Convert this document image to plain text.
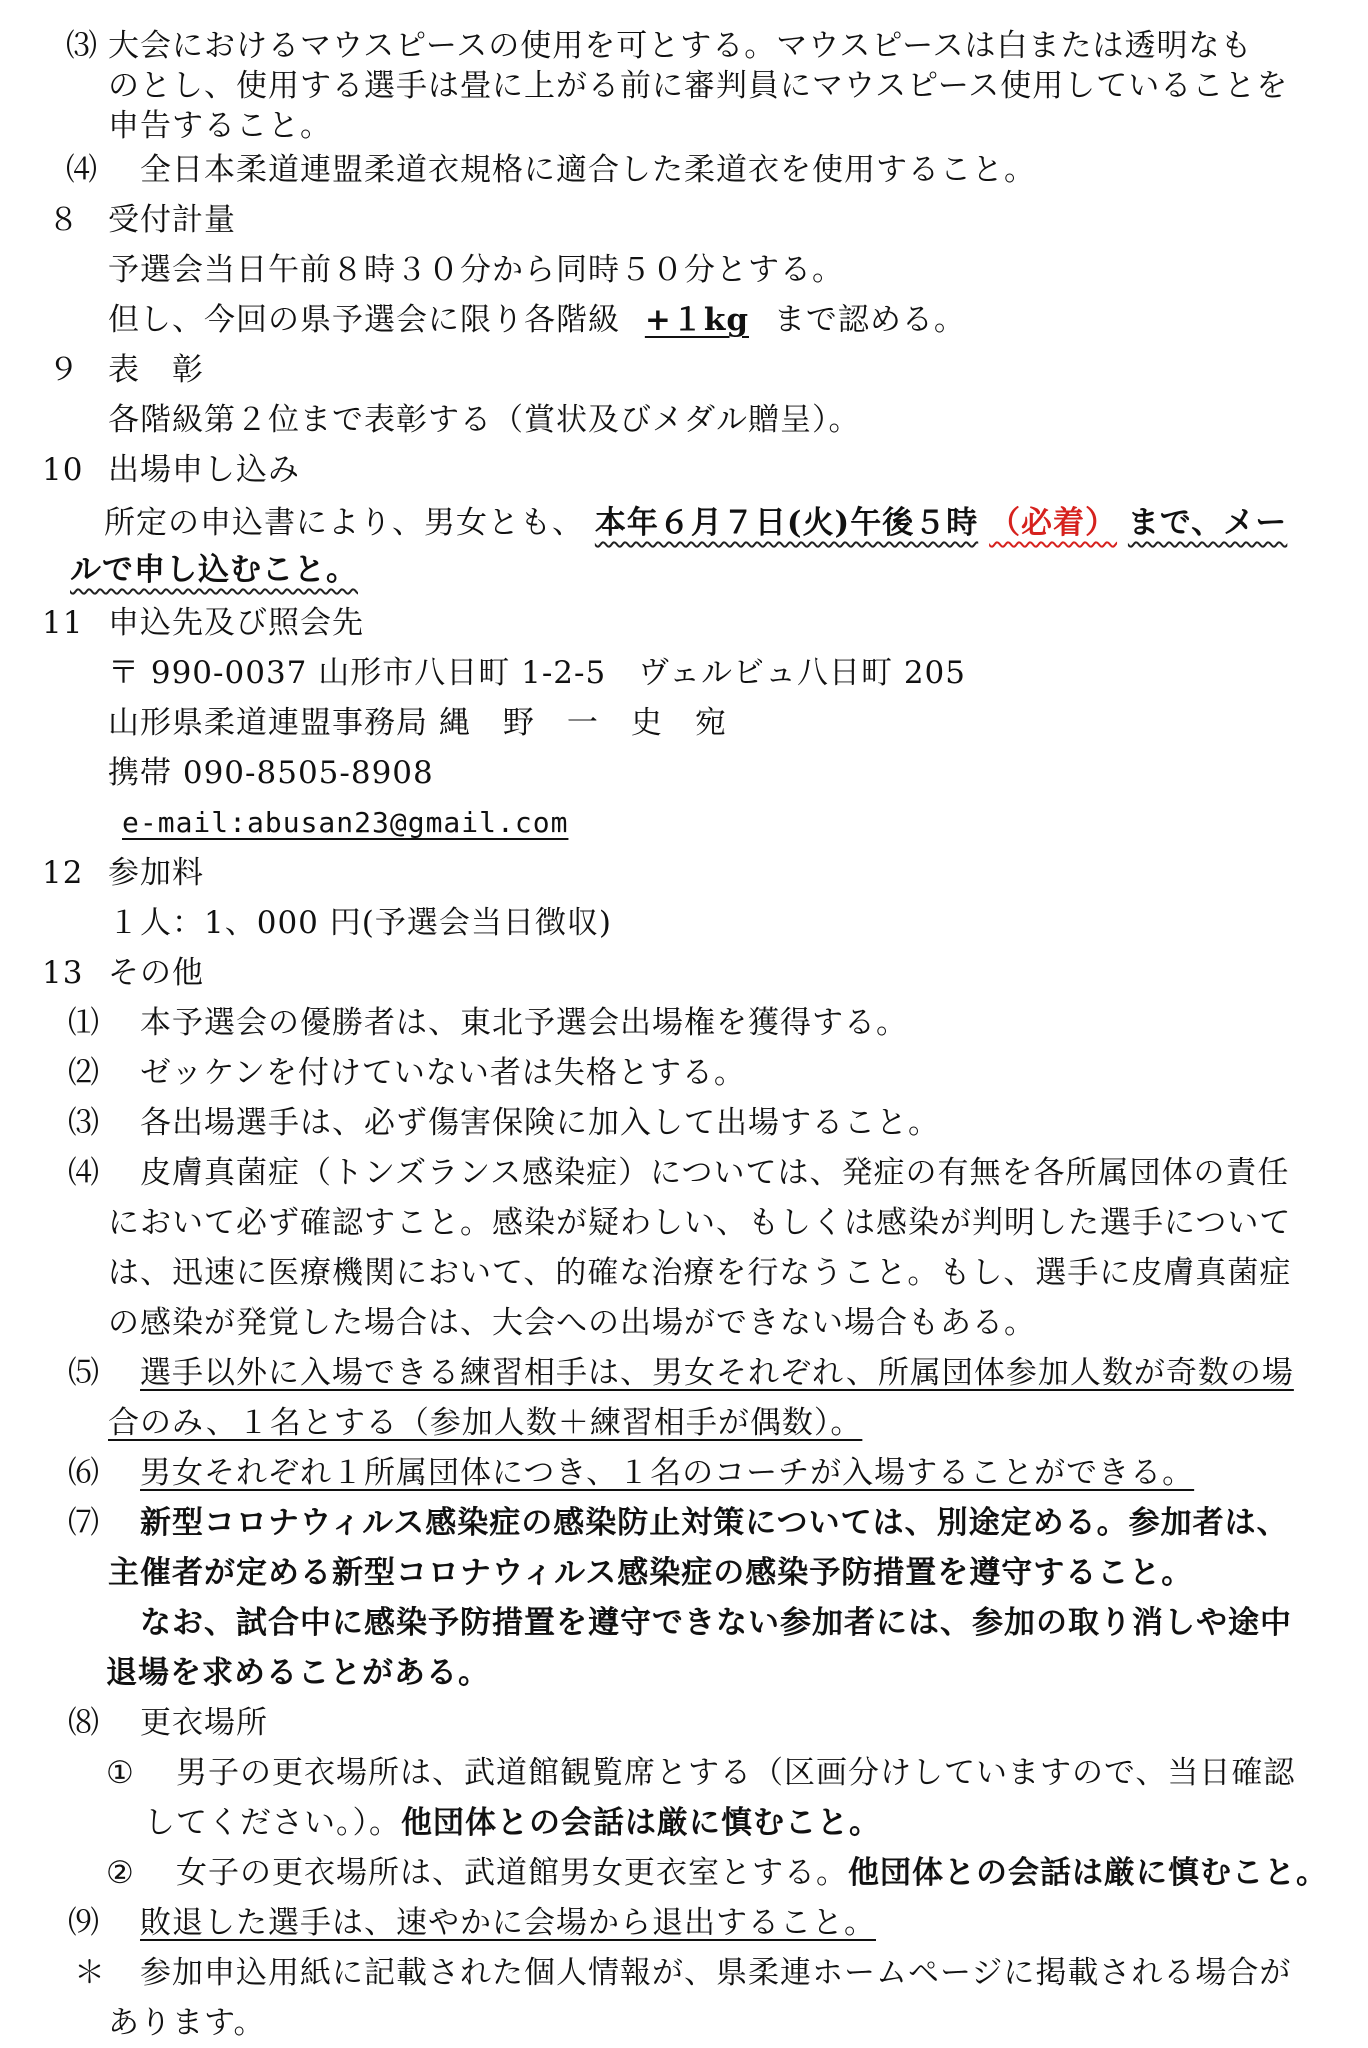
⑶ 大会におけるマウスピースの使用を可とする。マウスピースは白または透明なも
のとし、使用する選手は畳に上がる前に審判員にマウスピース使用していることを
申告すること。
⑷ 全日本柔道連盟柔道衣規格に適合した柔道衣を使用すること。
８ 受付計量
予選会当日午前８時３０分から同時５０分とする。
但し、今回の県予選会に限り各階級 +１kg まで認める。
９ 表　彰
各階級第２位まで表彰する（賞状及びメダル贈呈）。
10 出場申し込み
所定の申込書により、男女とも、 本年６月７日(火)午後５時 （必着） まで、メー
ルで申し込むこと。
11 申込先及び照会先
〒 990-0037 山形市八日町 1-2-5　ヴェルビュ八日町 205
山形県柔道連盟事務局 縄　野　一　史　宛
携帯 090-8505-8908
e-mail:abusan23@gmail.com
12 参加料
１人：1、000 円(予選会当日徴収)
13 その他
⑴ 本予選会の優勝者は、東北予選会出場権を獲得する。
⑵ ゼッケンを付けていない者は失格とする。
⑶ 各出場選手は、必ず傷害保険に加入して出場すること。
⑷ 皮膚真菌症（トンズランス感染症）については、発症の有無を各所属団体の責任
において必ず確認すこと。感染が疑わしい、もしくは感染が判明した選手について
は、迅速に医療機関において、的確な治療を行なうこと。もし、選手に皮膚真菌症
の感染が発覚した場合は、大会への出場ができない場合もある。
⑸ 選手以外に入場できる練習相手は、男女それぞれ、所属団体参加人数が奇数の場
合のみ、１名とする（参加人数＋練習相手が偶数）。
⑹ 男女それぞれ１所属団体につき、１名のコーチが入場することができる。
⑺ 新型コロナウィルス感染症の感染防止対策については、別途定める。参加者は、
主催者が定める新型コロナウィルス感染症の感染予防措置を遵守すること。
なお、試合中に感染予防措置を遵守できない参加者には、参加の取り消しや途中
退場を求めることがある。
⑻ 更衣場所
① 男子の更衣場所は、武道館観覧席とする（区画分けしていますので、当日確認
してください。）。他団体との会話は厳に慎むこと。
② 女子の更衣場所は、武道館男女更衣室とする。他団体との会話は厳に慎むこと。
⑼ 敗退した選手は、速やかに会場から退出すること。
＊ 参加申込用紙に記載された個人情報が、県柔連ホームページに掲載される場合が
あります。
